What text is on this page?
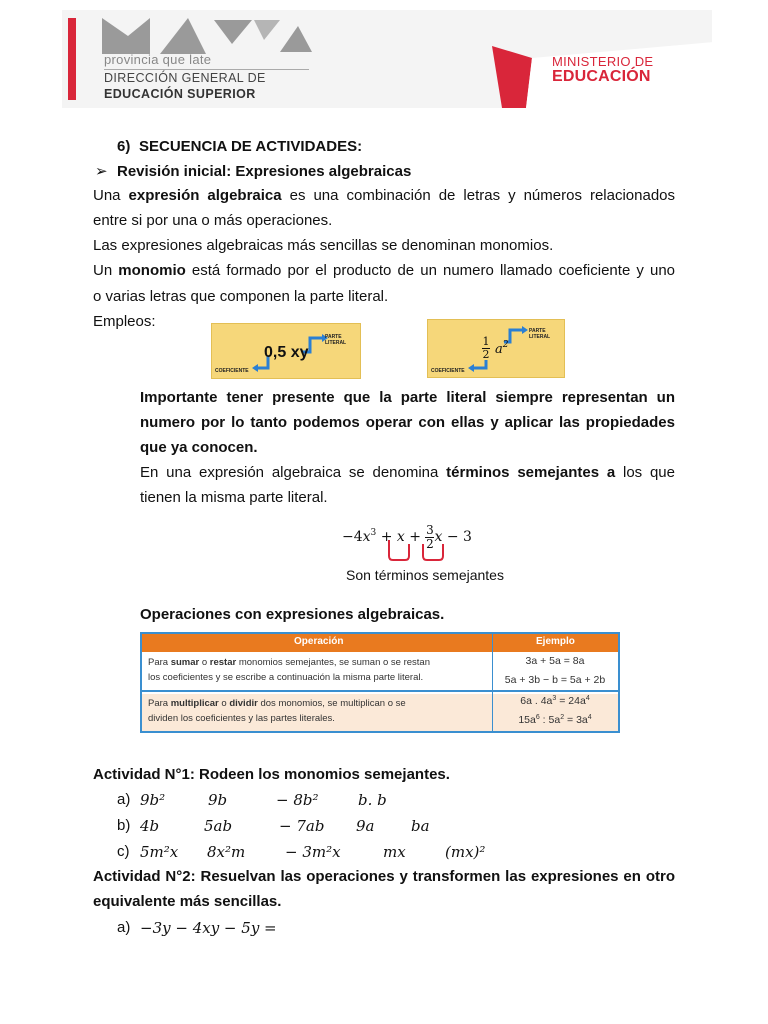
provincia que late
DIRECCIÓN GENERAL DE
EDUCACIÓN SUPERIOR
MINISTERIO DE
EDUCACIÓN
6) SECUENCIA DE ACTIVIDADES:
➢ Revisión inicial: Expresiones algebraicas
Una expresión algebraica es una combinación de letras y números relacionados
entre si por una o más operaciones.
Las expresiones algebraicas más sencillas se denominan monomios.
Un monomio está formado por el producto de un numero llamado coeficiente y uno
o varias letras que componen la parte literal.
Empleos:
0,5 xy
PARTE LITERAL
COEFICIENTE
1
2 $a^2$
PARTE LITERAL
COEFICIENTE
Importante tener presente que la parte literal siempre representan un
numero por lo tanto podemos operar con ellas y aplicar las propiedades
que ya conocen.
En una expresión algebraica se denomina términos semejantes a los que
tienen la misma parte literal.
$-4x^3 + x + \frac{3}{2}$ x − 3
Son términos semejantes
Operaciones con expresiones algebraicas.
Operación	Ejemplo
Para sumar o restar monomios semejantes, se suman o se restan
los coeficientes y se escribe a continuación la misma parte literal.
3a + 5a = 8a
5a + 3b − b = 5a + 2b
Para multiplicar o dividir dos monomios, se multiplican o se
dividen los coeficientes y las partes literales.
6a . $4a^3 = 24a^4$
$15a^6$ : $5a^2 = 3a^4$
Actividad N°1: Rodeen los monomios semejantes.
a) 9b²	9b	− 8b²	b. b
b) 4b	5ab	− 7ab 9a ba
c) 5m²x 8x²m	− 3m²x	mx	(mx)²
Actividad N°2: Resuelvan las operaciones y transformen las expresiones en otro
equivalente más sencillas.
a) −3y − 4xy − 5y =
